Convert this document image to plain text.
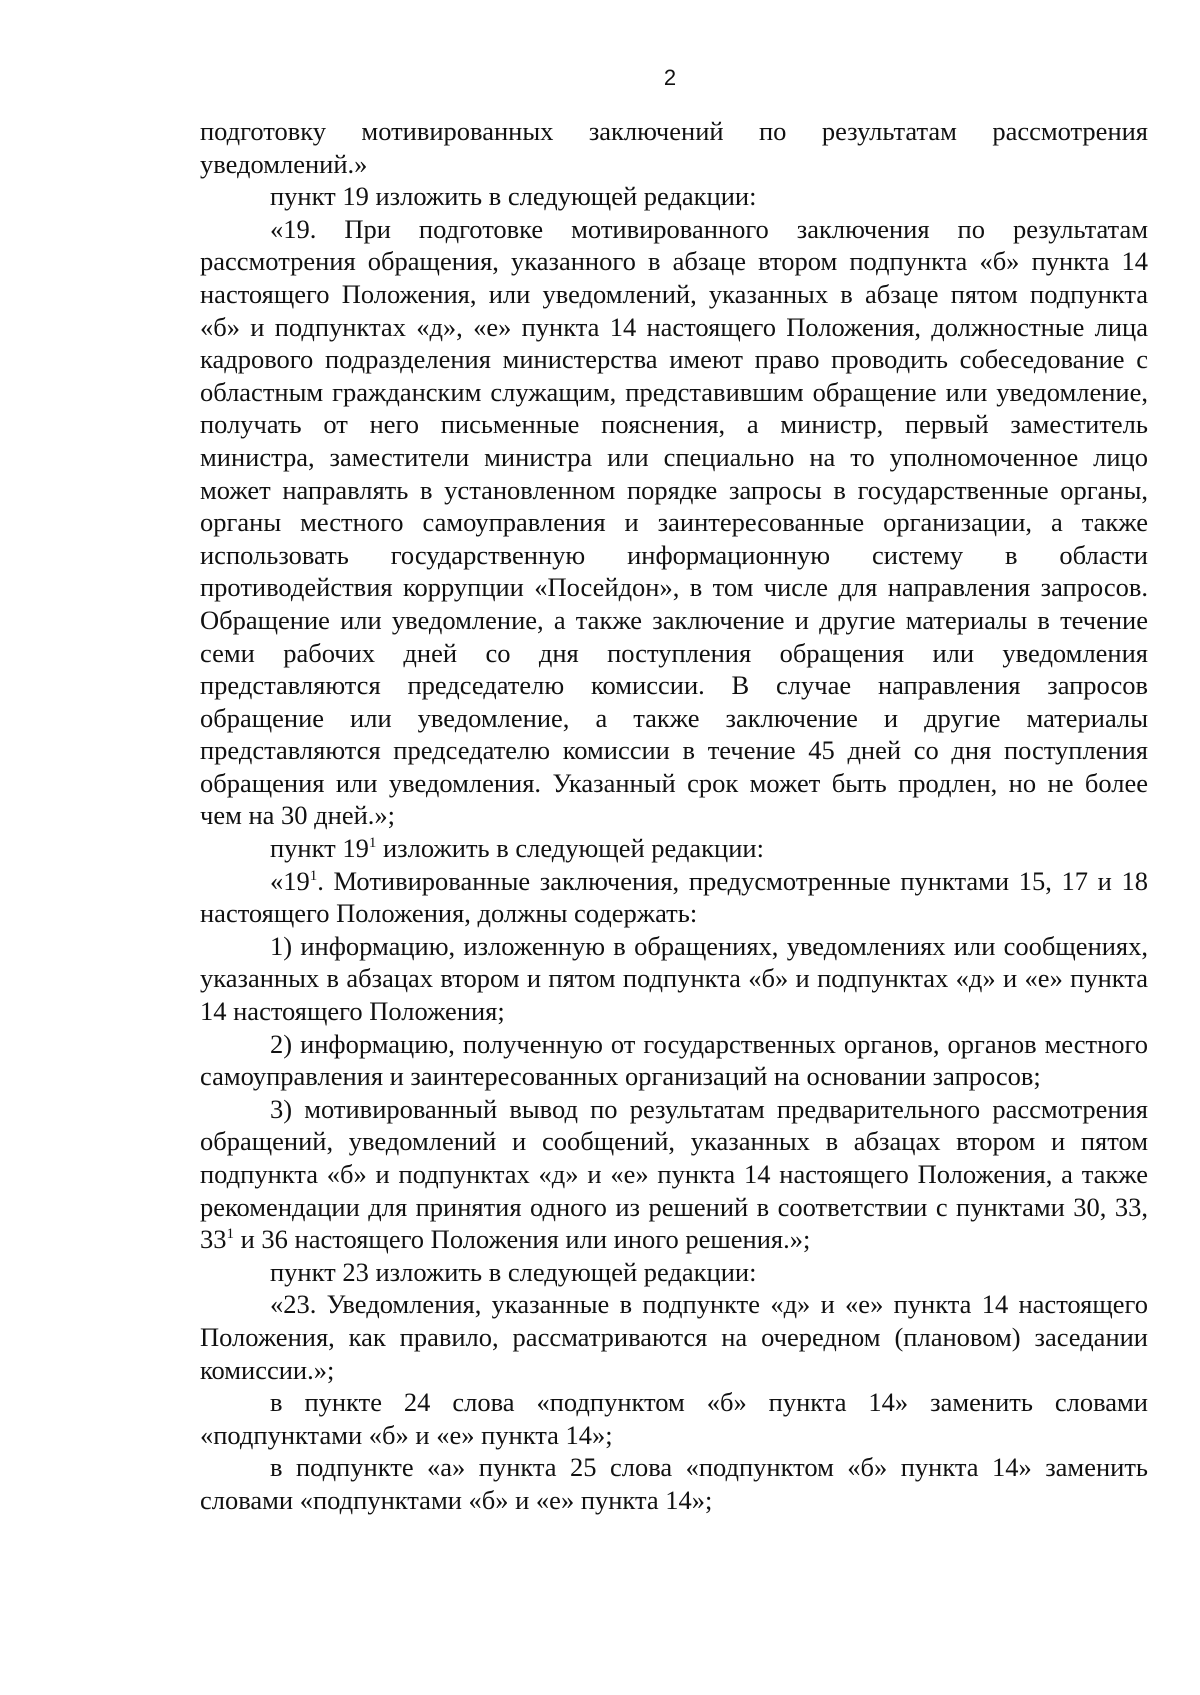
2

подготовку мотивированных заключений по результатам рассмотрения уведомлений.»

пункт 19 изложить в следующей редакции:

«19. При подготовке мотивированного заключения по результатам рассмотрения обращения, указанного в абзаце втором подпункта «б» пункта 14 настоящего Положения, или уведомлений, указанных в абзаце пятом подпункта «б» и подпунктах «д», «е» пункта 14 настоящего Положения, должностные лица кадрового подразделения министерства имеют право проводить собеседование с областным гражданским служащим, представившим обращение или уведомление, получать от него письменные пояснения, а министр, первый заместитель министра, заместители министра или специально на то уполномоченное лицо может направлять в установленном порядке запросы в государственные органы, органы местного самоуправления и заинтересованные организации, а также использовать государственную информационную систему в области противодействия коррупции «Посейдон», в том числе для направления запросов. Обращение или уведомление, а также заключение и другие материалы в течение семи рабочих дней со дня поступления обращения или уведомления представляются председателю комиссии. В случае направления запросов обращение или уведомление, а также заключение и другие материалы представляются председателю комиссии в течение 45 дней со дня поступления обращения или уведомления. Указанный срок может быть продлен, но не более чем на 30 дней.»;

пункт $19^1$ изложить в следующей редакции:

«$19^1$. Мотивированные заключения, предусмотренные пунктами 15, 17 и 18 настоящего Положения, должны содержать:

1) информацию, изложенную в обращениях, уведомлениях или сообщениях, указанных в абзацах втором и пятом подпункта «б» и подпунктах «д» и «е» пункта 14 настоящего Положения;

2) информацию, полученную от государственных органов, органов местного самоуправления и заинтересованных организаций на основании запросов;

3) мотивированный вывод по результатам предварительного рассмотрения обращений, уведомлений и сообщений, указанных в абзацах втором и пятом подпункта «б» и подпунктах «д» и «е» пункта 14 настоящего Положения, а также рекомендации для принятия одного из решений в соответствии с пунктами 30, 33, $33^1$ и 36 настоящего Положения или иного решения.»;

пункт 23 изложить в следующей редакции:

«23. Уведомления, указанные в подпункте «д» и «е» пункта 14 настоящего Положения, как правило, рассматриваются на очередном (плановом) заседании комиссии.»;

в пункте 24 слова «подпунктом «б» пункта 14» заменить словами «подпунктами «б» и «е» пункта 14»;

в подпункте «а» пункта 25 слова «подпунктом «б» пункта 14» заменить словами «подпунктами «б» и «е» пункта 14»;
